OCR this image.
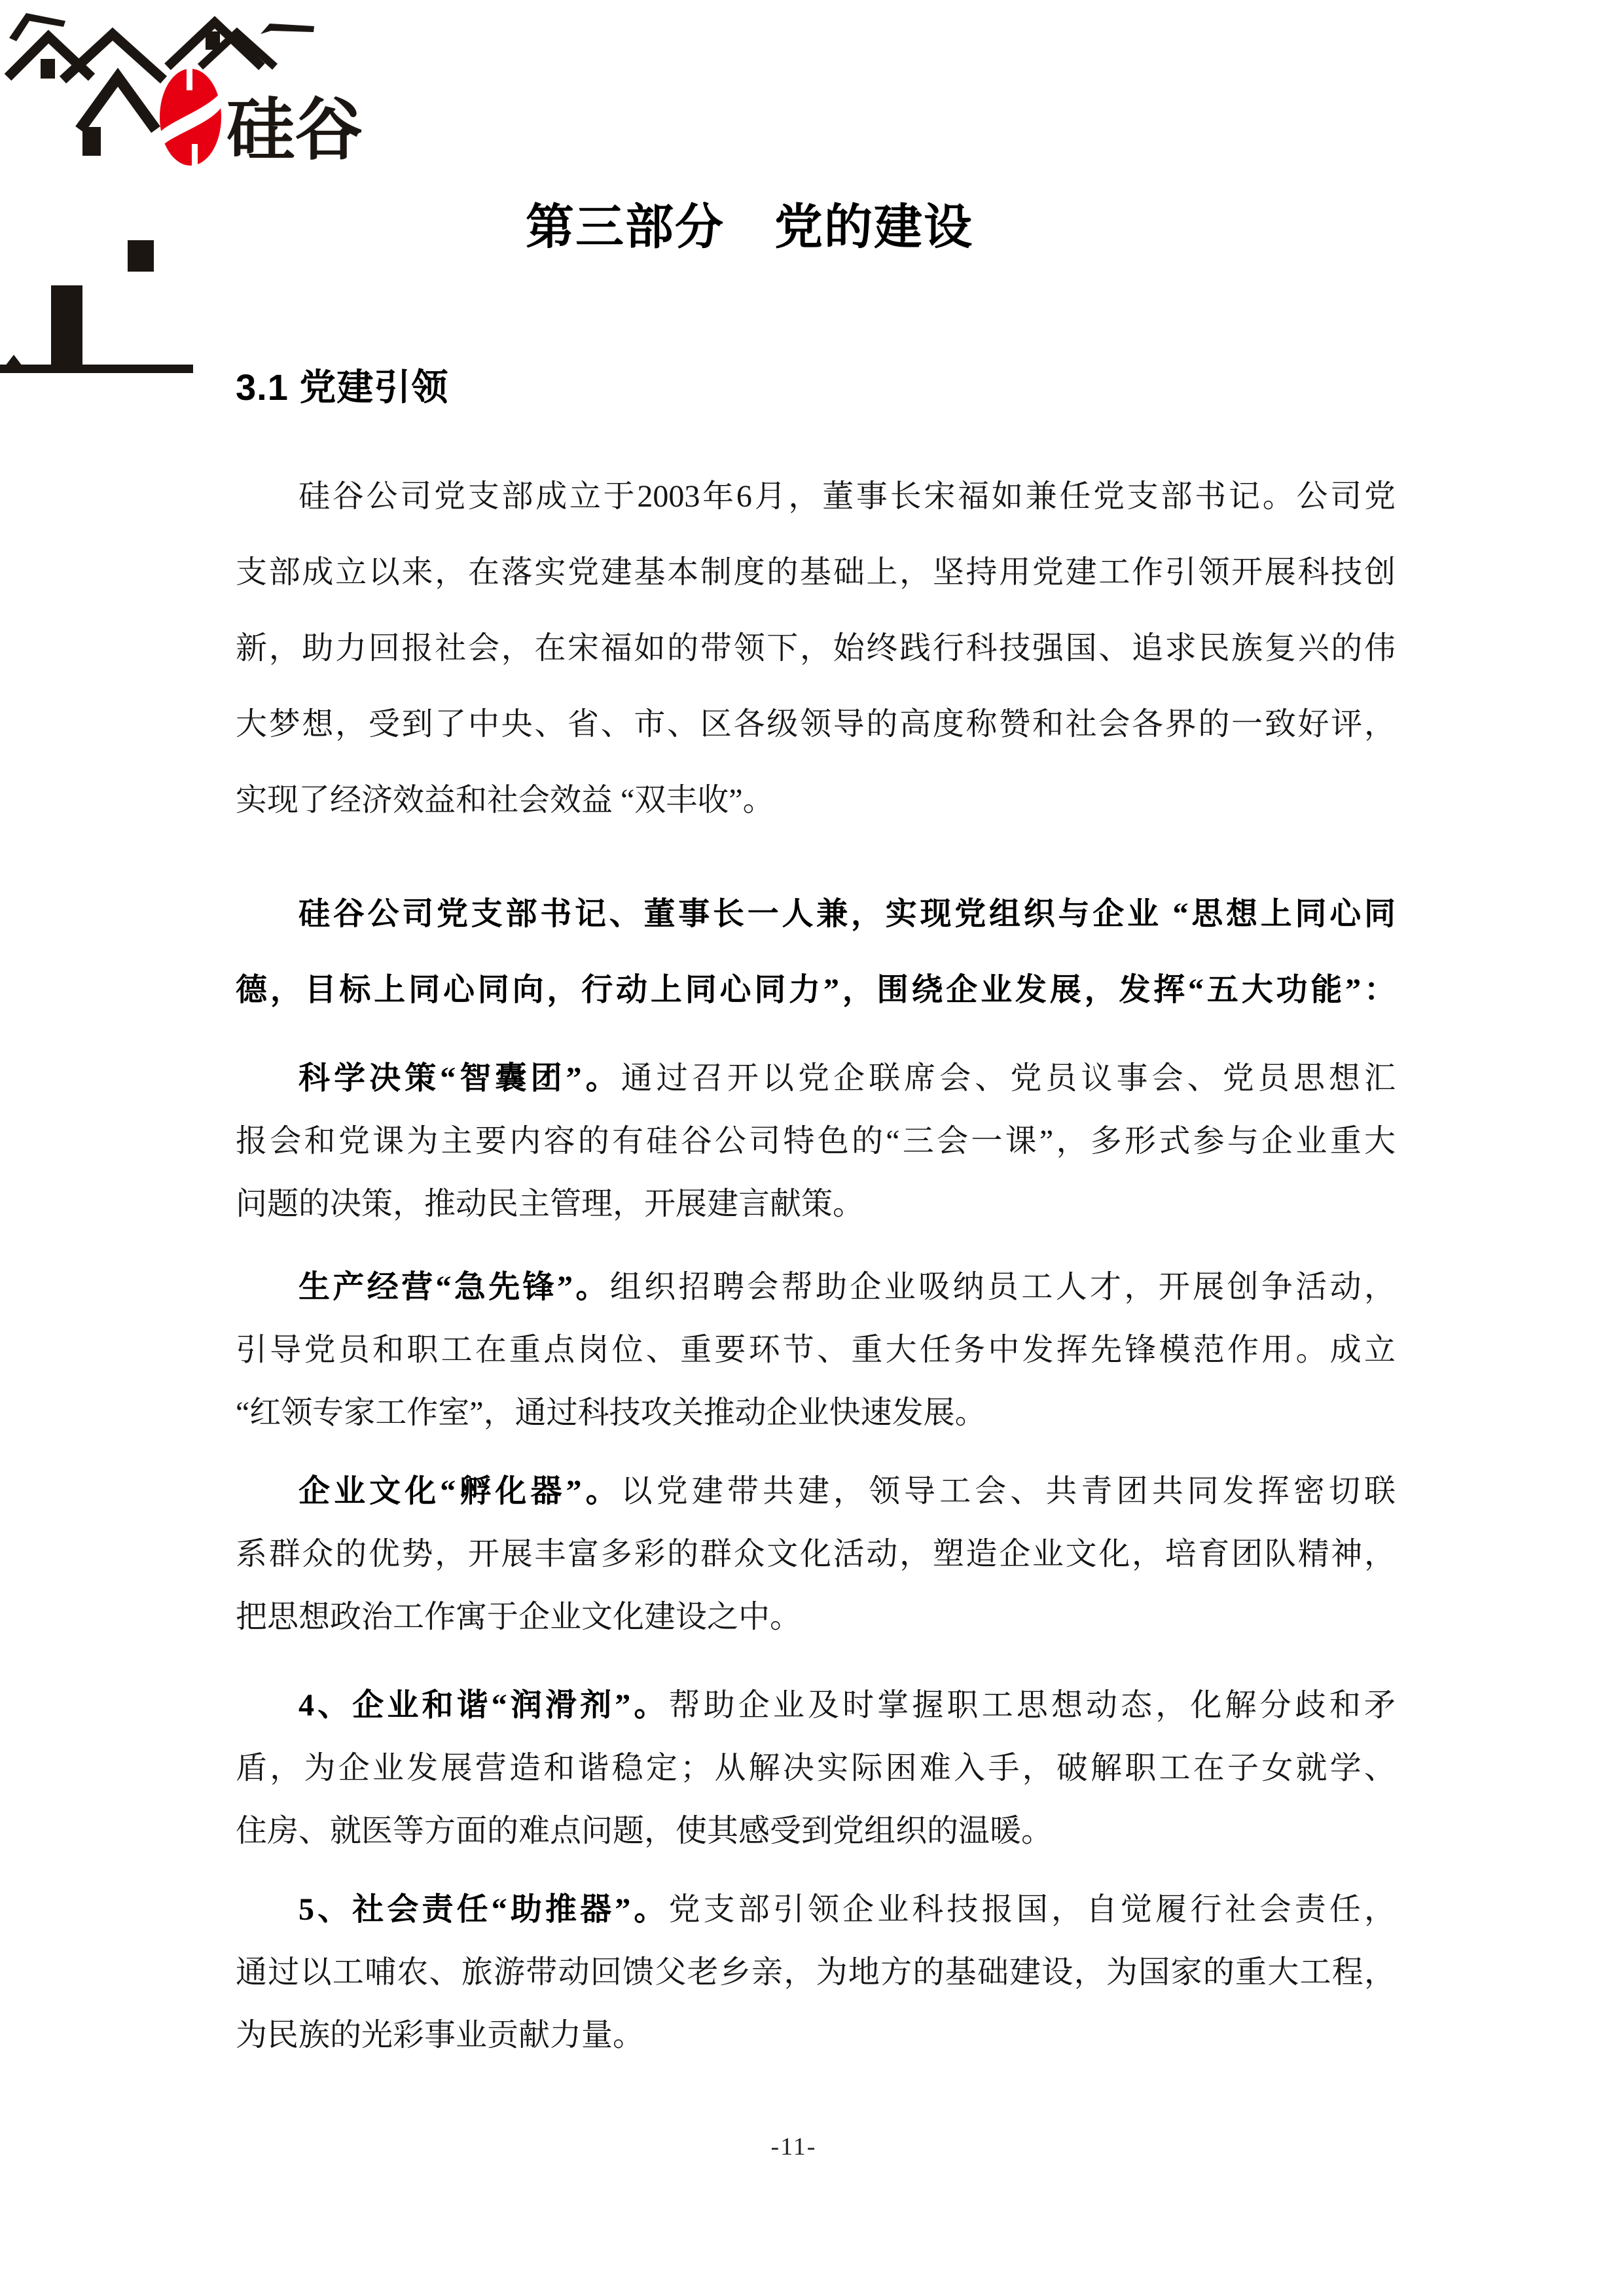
硅谷
第三部分　党的建设
3.1 党建引领
硅谷公司党支部成立于2003年6月，董事长宋福如兼任党支部书记。公司党
支部成立以来，在落实党建基本制度的基础上，坚持用党建工作引领开展科技创
新，助力回报社会，在宋福如的带领下，始终践行科技强国、追求民族复兴的伟
大梦想，受到了中央、省、市、区各级领导的高度称赞和社会各界的一致好评，
实现了经济效益和社会效益 “双丰收”。
硅谷公司党支部书记、董事长一人兼，实现党组织与企业 “思想上同心同
德，目标上同心同向，行动上同心同力”，围绕企业发展，发挥“五大功能”：
科学决策“智囊团”。通过召开以党企联席会、党员议事会、党员思想汇
报会和党课为主要内容的有硅谷公司特色的“三会一课”，多形式参与企业重大
问题的决策，推动民主管理，开展建言献策。
生产经营“急先锋”。组织招聘会帮助企业吸纳员工人才，开展创争活动，
引导党员和职工在重点岗位、重要环节、重大任务中发挥先锋模范作用。成立
“红领专家工作室”，通过科技攻关推动企业快速发展。
企业文化“孵化器”。以党建带共建，领导工会、共青团共同发挥密切联
系群众的优势，开展丰富多彩的群众文化活动，塑造企业文化，培育团队精神，
把思想政治工作寓于企业文化建设之中。
4、企业和谐“润滑剂”。帮助企业及时掌握职工思想动态，化解分歧和矛
盾，为企业发展营造和谐稳定；从解决实际困难入手，破解职工在子女就学、
住房、就医等方面的难点问题，使其感受到党组织的温暖。
5、社会责任“助推器”。党支部引领企业科技报国，自觉履行社会责任，
通过以工哺农、旅游带动回馈父老乡亲，为地方的基础建设，为国家的重大工程，
为民族的光彩事业贡献力量。
-11-
